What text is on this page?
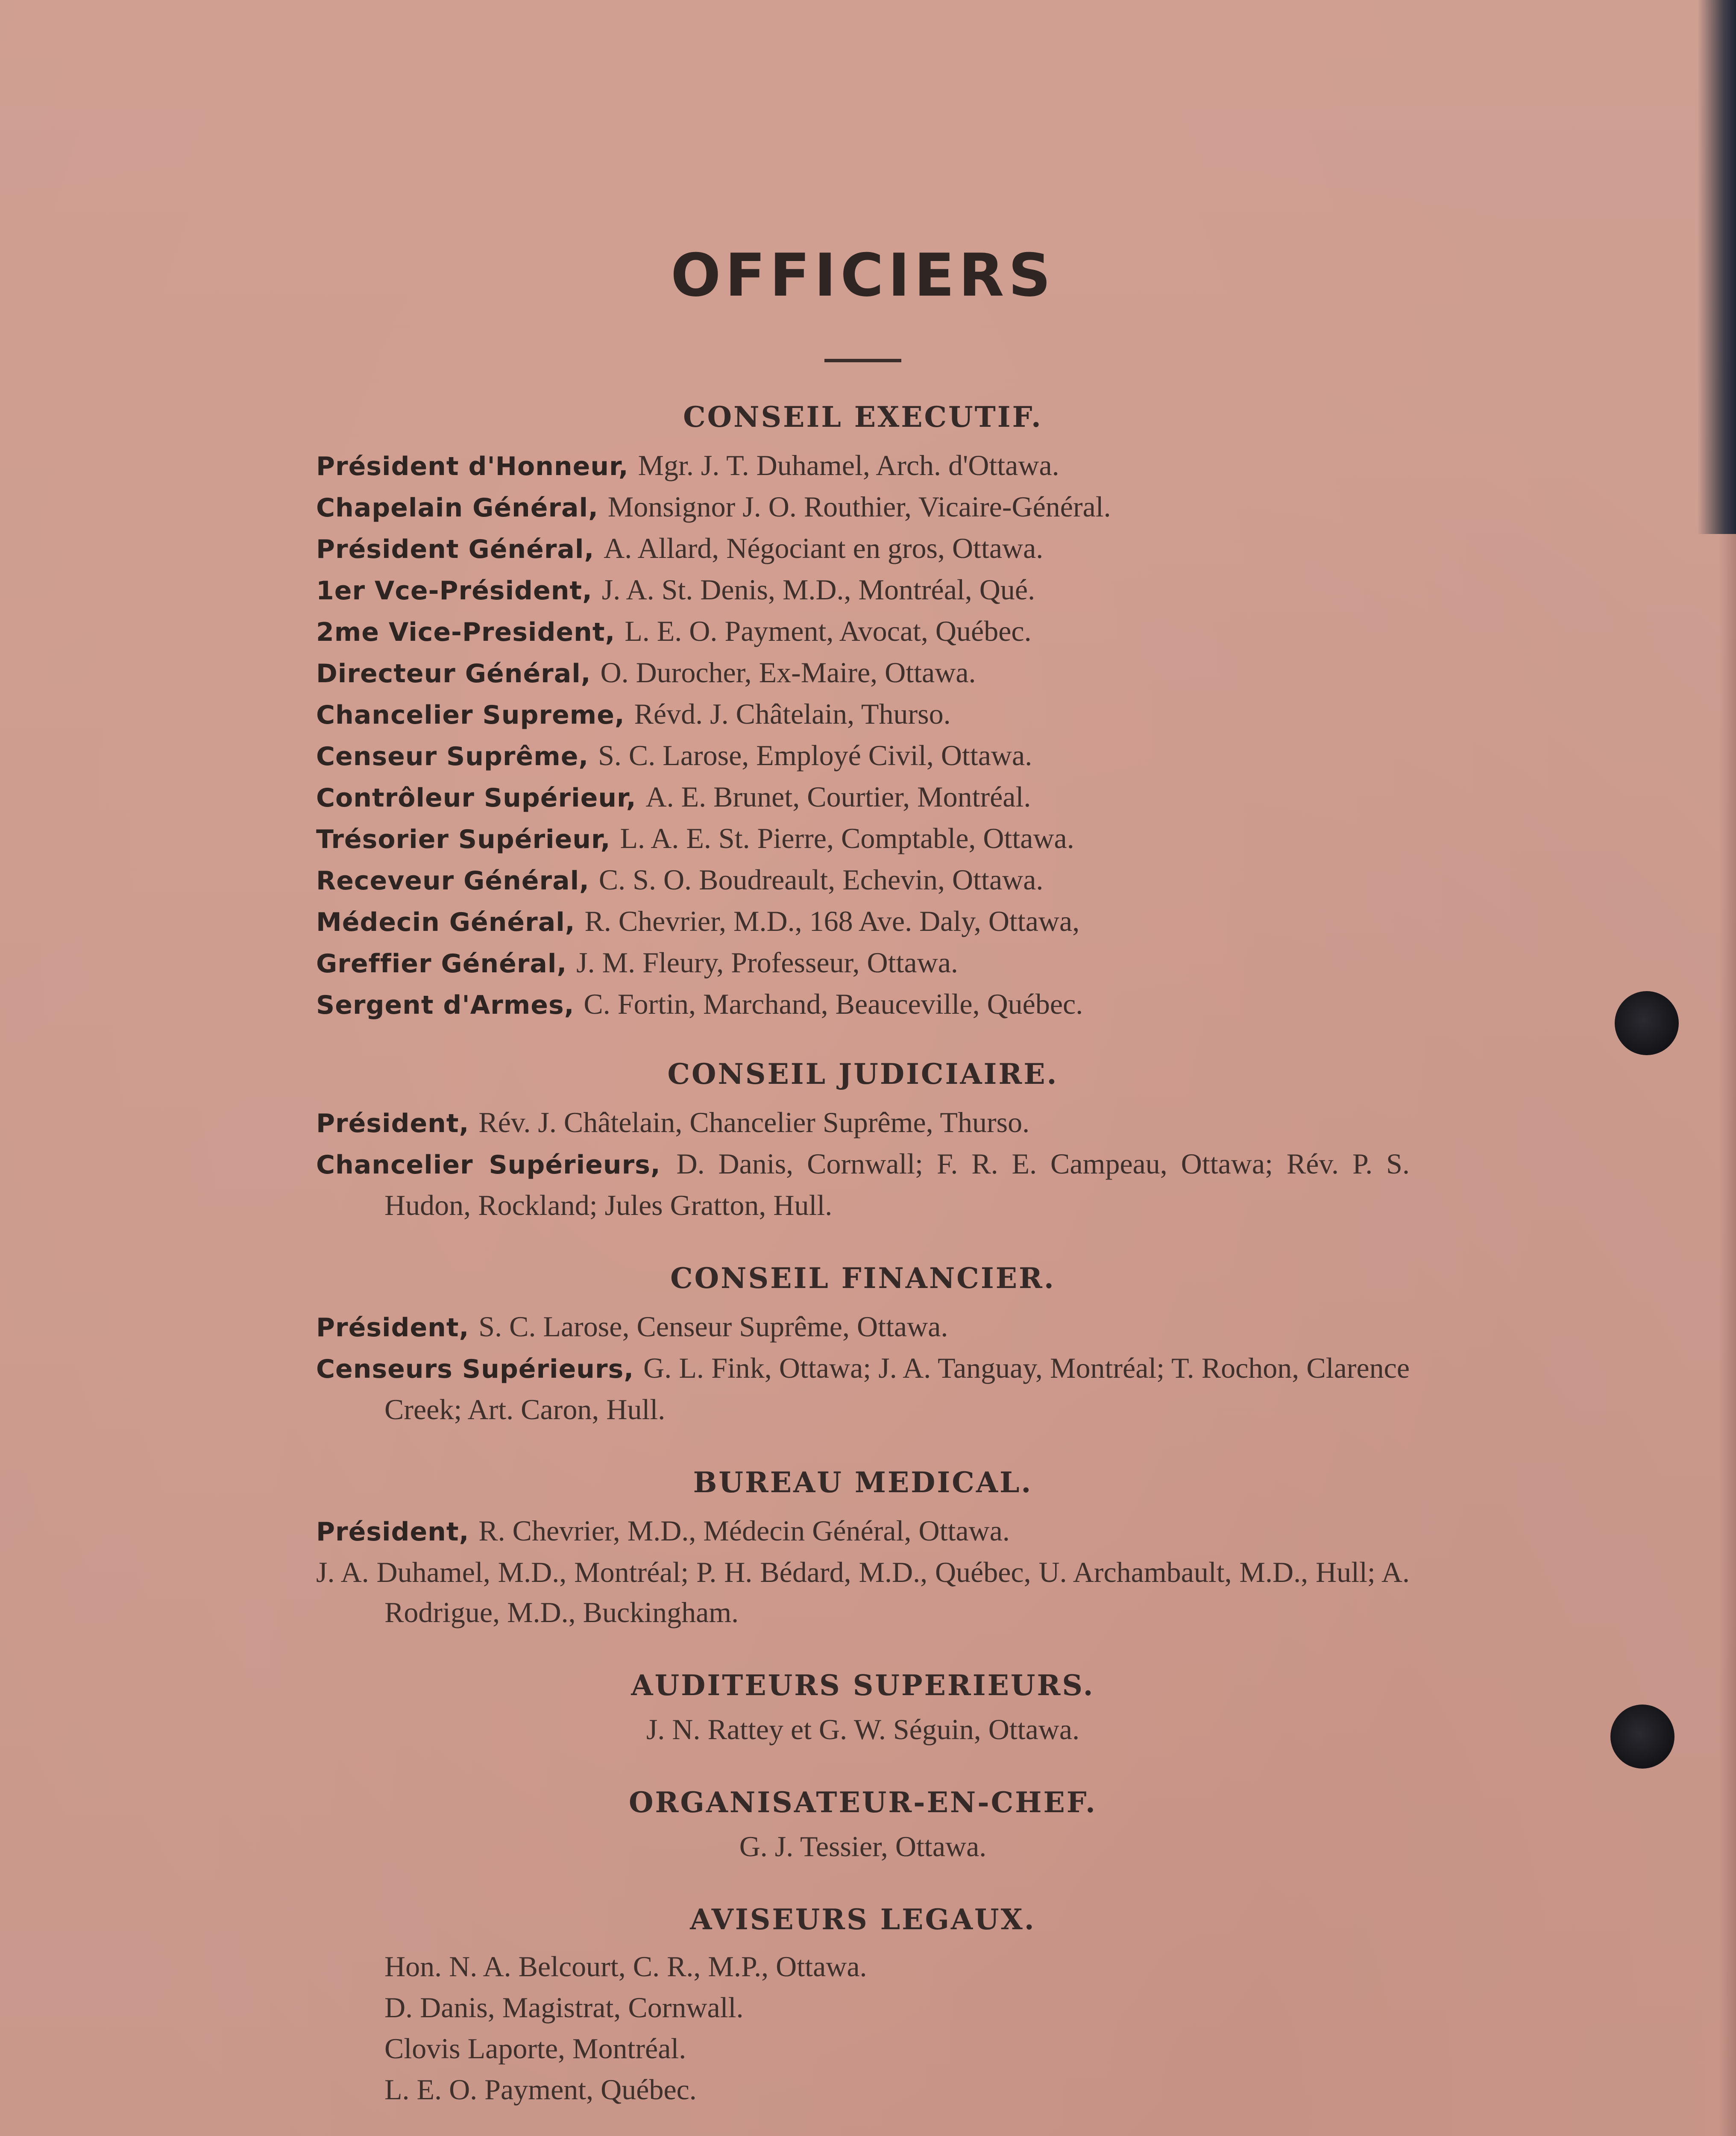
OFFICIERS
CONSEIL EXECUTIF.

Président d'Honneur, Mgr. J. T. Duhamel, Arch. d'Ottawa.

Chapelain Général, Monsignor J. O. Routhier, Vicaire-Général.

Président Général, A. Allard, Négociant en gros, Ottawa.

1er Vce-Président, J. A. St. Denis, M.D., Montréal, Qué.

2me Vice-President, L. E. O. Payment, Avocat, Québec.

Directeur Général, O. Durocher, Ex-Maire, Ottawa.

Chancelier Supreme, Révd. J. Châtelain, Thurso.

Censeur Suprême, S. C. Larose, Employé Civil, Ottawa.

Contrôleur Supérieur, A. E. Brunet, Courtier, Montréal.

Trésorier Supérieur, L. A. E. St. Pierre, Comptable, Ottawa.

Receveur Général, C. S. O. Boudreault, Echevin, Ottawa.

Médecin Général, R. Chevrier, M.D., 168 Ave. Daly, Ottawa,

Greffier Général, J. M. Fleury, Professeur, Ottawa.

Sergent d'Armes, C. Fortin, Marchand, Beauceville, Québec.

CONSEIL JUDICIAIRE.

Président, Rév. J. Châtelain, Chancelier Suprême, Thurso.

Chancelier Supérieurs, D. Danis, Cornwall; F. R. E. Campeau, Ottawa; Rév. P. S. Hudon, Rockland; Jules Gratton, Hull.

CONSEIL FINANCIER.

Président, S. C. Larose, Censeur Suprême, Ottawa.

Censeurs Supérieurs, G. L. Fink, Ottawa; J. A. Tanguay, Montréal; T. Rochon, Clarence Creek; Art. Caron, Hull.

BUREAU MEDICAL.

Président, R. Chevrier, M.D., Médecin Général, Ottawa.

J. A. Duhamel, M.D., Montréal; P. H. Bédard, M.D., Québec, U. Archambault, M.D., Hull; A. Rodrigue, M.D., Buckingham.

AUDITEURS SUPERIEURS.

J. N. Rattey et G. W. Séguin, Ottawa.

ORGANISATEUR-EN-CHEF.

G. J. Tessier, Ottawa.

AVISEURS LEGAUX.

Hon. N. A. Belcourt, C. R., M.P., Ottawa.

D. Danis, Magistrat, Cornwall.

Clovis Laporte, Montréal.

L. E. O. Payment, Québec.
